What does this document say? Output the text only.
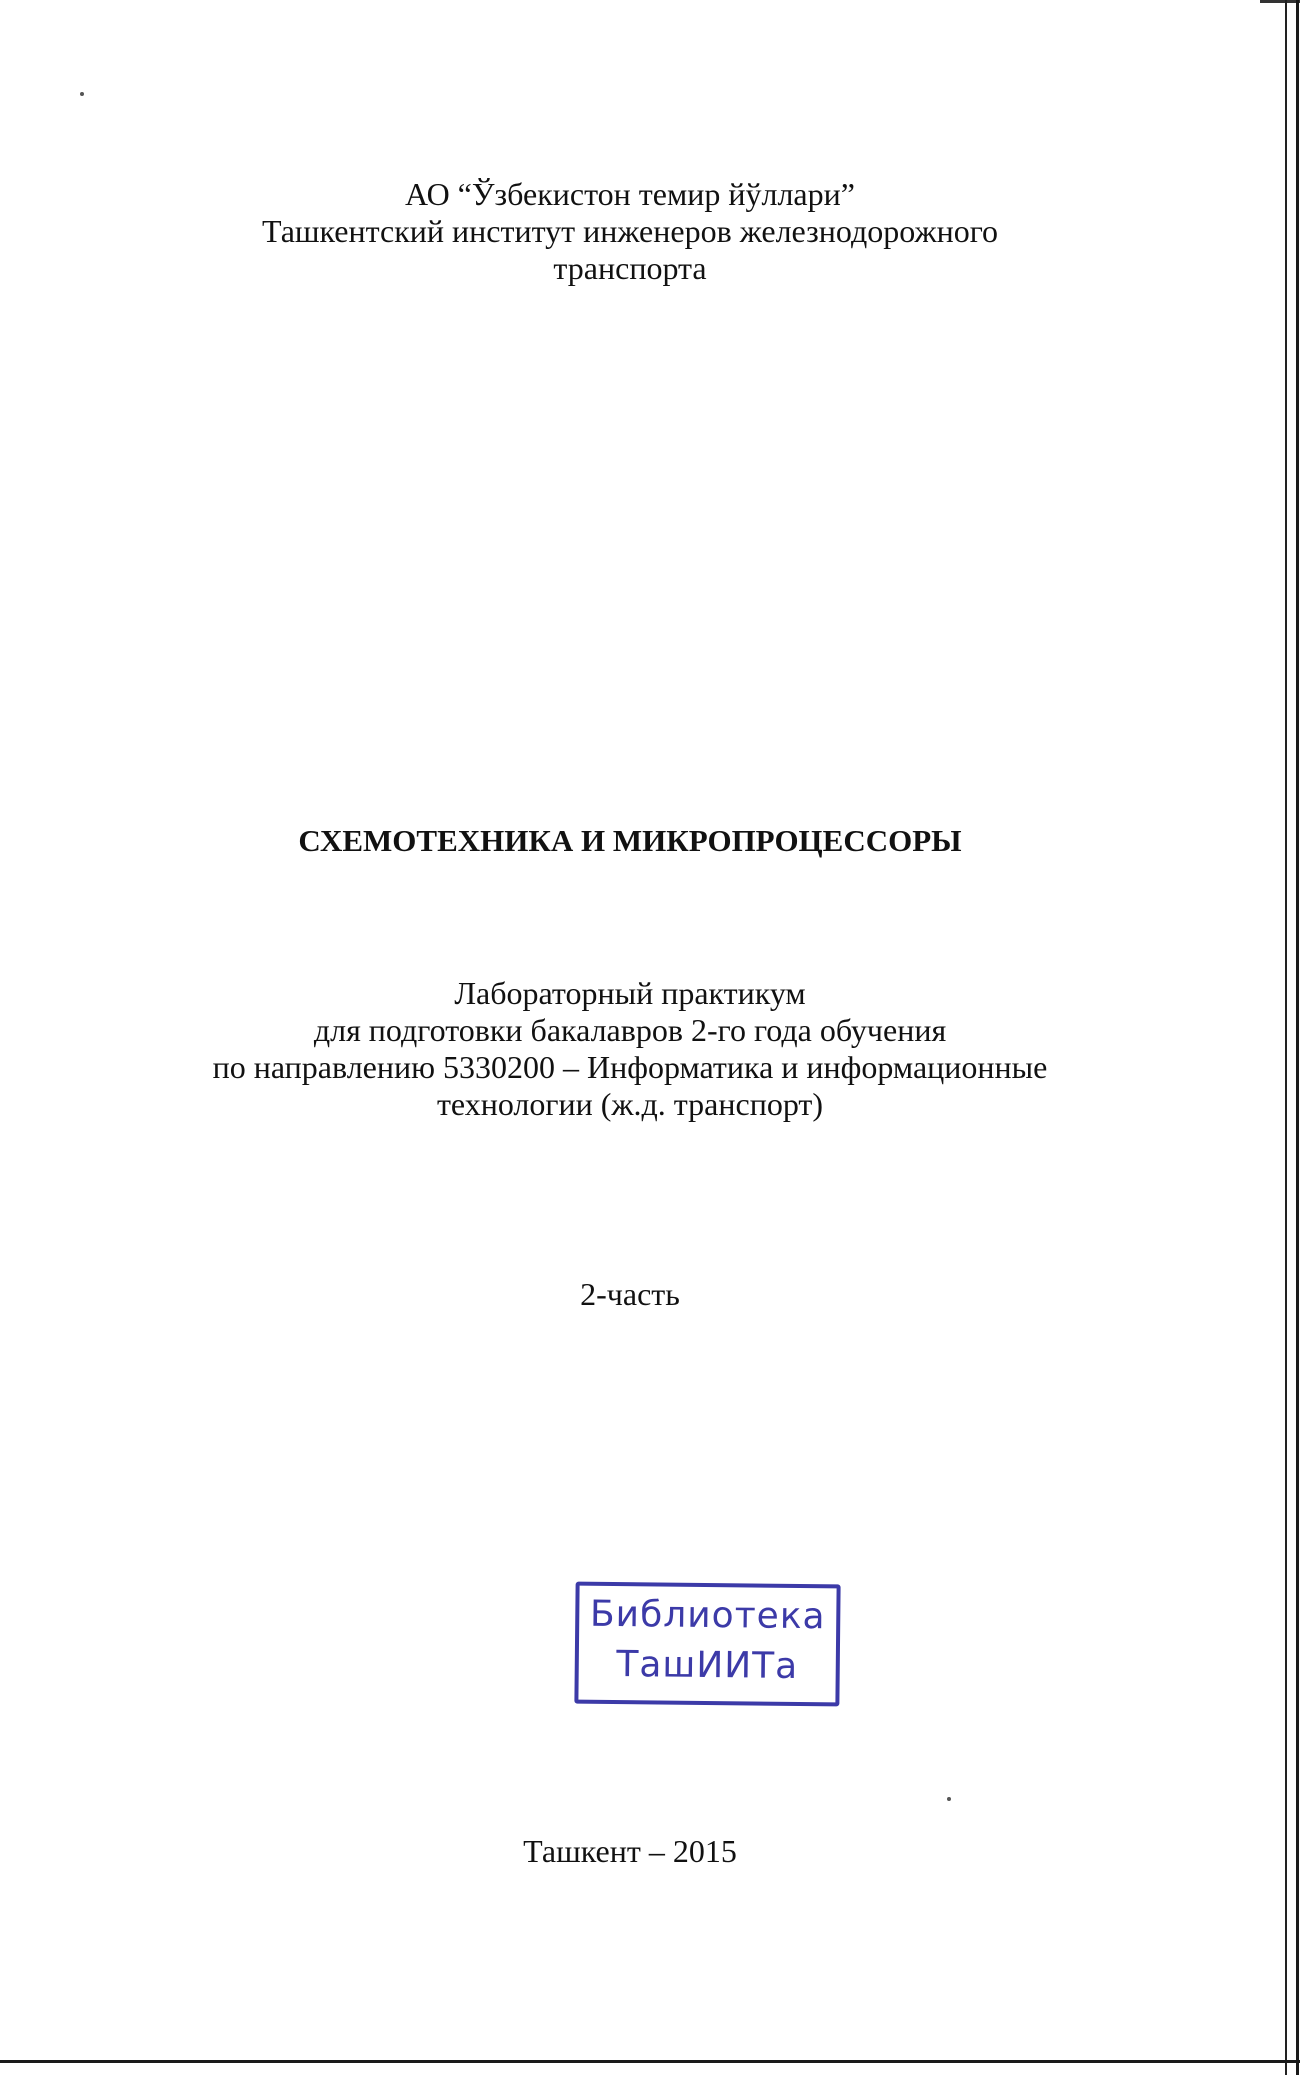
АО “Ўзбекистон темир йўллари”
Ташкентский институт инженеров железнодорожного
транспорта
СХЕМОТЕХНИКА И МИКРОПРОЦЕССОРЫ
Лабораторный практикум
для подготовки бакалавров 2-го года обучения
по направлению 5330200 – Информатика и информационные
технологии (ж.д. транспорт)
2-часть
Библиотека
ТашИИТа
Ташкент – 2015
